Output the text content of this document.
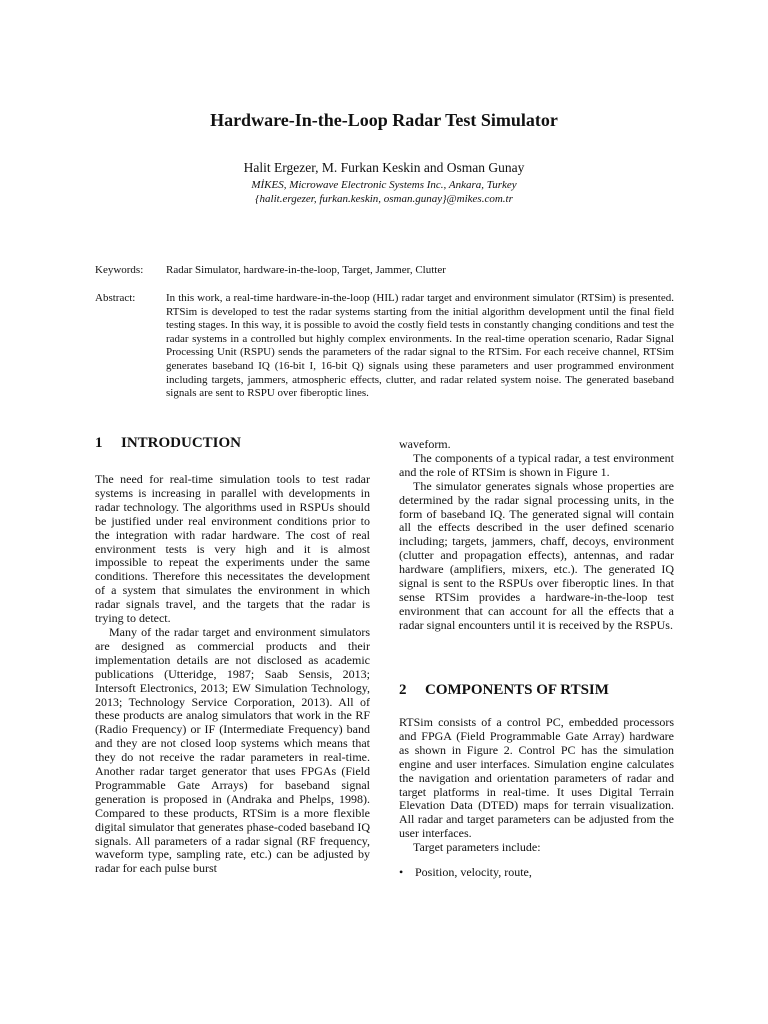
Hardware-In-the-Loop Radar Test Simulator
Halit Ergezer, M. Furkan Keskin and Osman Gunay
MİKES, Microwave Electronic Systems Inc., Ankara, Turkey
{halit.ergezer, furkan.keskin, osman.gunay}@mikes.com.tr
Keywords: Radar Simulator, hardware-in-the-loop, Target, Jammer, Clutter
Abstract:	In this work, a real-time hardware-in-the-loop (HIL) radar target and environment simulator (RTSim) is presented. RTSim is developed to test the radar systems starting from the initial algorithm development until the final field testing stages. In this way, it is possible to avoid the costly field tests in constantly changing conditions and test the radar systems in a controlled but highly complex environments. In the real-time operation scenario, Radar Signal Processing Unit (RSPU) sends the parameters of the radar signal to the RTSim. For each receive channel, RTSim generates baseband IQ (16-bit I, 16-bit Q) signals using these parameters and user programmed environment including targets, jammers, atmospheric effects, clutter, and radar related system noise. The generated baseband signals are sent to RSPU over fiberoptic lines.
1 INTRODUCTION

The need for real-time simulation tools to test radar systems is increasing in parallel with developments in radar technology. The algorithms used in RSPUs should be justified under real environment conditions prior to the integration with radar hardware. The cost of real environment tests is very high and it is almost impossible to repeat the experiments under the same conditions. Therefore this necessitates the development of a system that simulates the environment in which radar signals travel, and the targets that the radar is trying to detect.

Many of the radar target and environment simulators are designed as commercial products and their implementation details are not disclosed as academic publications (Utteridge, 1987; Saab Sensis, 2013; Intersoft Electronics, 2013; EW Simulation Technology, 2013; Technology Service Corporation, 2013). All of these products are analog simulators that work in the RF (Radio Frequency) or IF (Intermediate Frequency) band and they are not closed loop systems which means that they do not receive the radar parameters in real-time. Another radar target generator that uses FPGAs (Field Programmable Gate Arrays) for baseband signal generation is proposed in (Andraka and Phelps, 1998). Compared to these products, RTSim is a more flexible digital simulator that generates phase-coded baseband IQ signals. All parameters of a radar signal (RF frequency, waveform type, sampling rate, etc.) can be adjusted by radar for each pulse burst

waveform.

The components of a typical radar, a test environment and the role of RTSim is shown in Figure 1.

The simulator generates signals whose properties are determined by the radar signal processing units, in the form of baseband IQ. The generated signal will contain all the effects described in the user defined scenario including; targets, jammers, chaff, decoys, environment (clutter and propagation effects), antennas, and radar hardware (amplifiers, mixers, etc.). The generated IQ signal is sent to the RSPUs over fiberoptic lines. In that sense RTSim provides a hardware-in-the-loop test environment that can account for all the effects that a radar signal encounters until it is received by the RSPUs.

2 COMPONENTS OF RTSIM

RTSim consists of a control PC, embedded processors and FPGA (Field Programmable Gate Array) hardware as shown in Figure 2. Control PC has the simulation engine and user interfaces. Simulation engine calculates the navigation and orientation parameters of radar and target platforms in real-time. It uses Digital Terrain Elevation Data (DTED) maps for terrain visualization. All radar and target parameters can be adjusted from the user interfaces.

Target parameters include:

• Position, velocity, route,
